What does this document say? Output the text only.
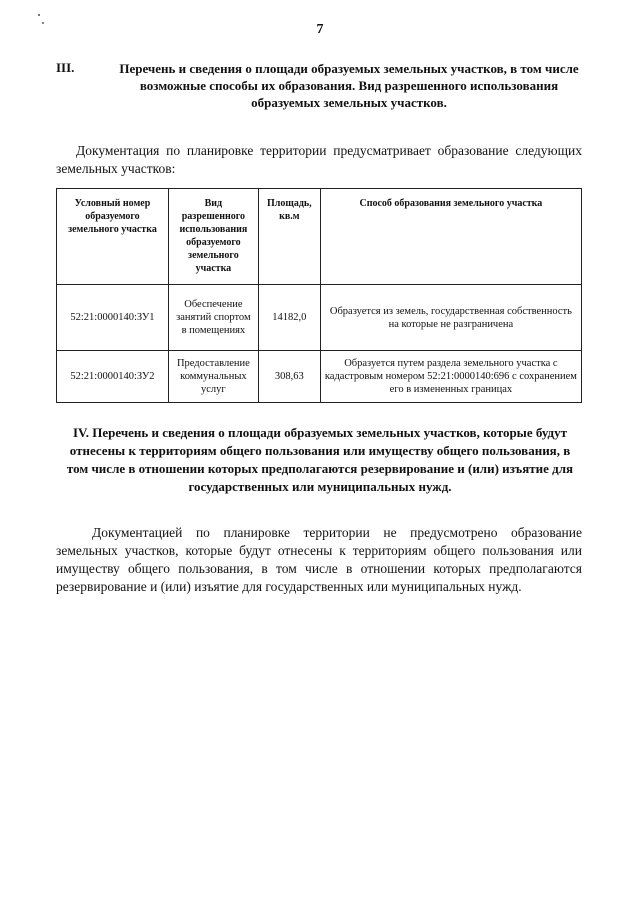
7
III.	Перечень и сведения о площади образуемых земельных участков, в том числе возможные способы их образования. Вид разрешенного использования образуемых земельных участков.

Документация по планировке территории предусматривает образование следующих земельных участков:

Условный номер образуемого земельного участка	Вид разрешенного использования образуемого земельного участка	Площадь, кв.м	Способ образования земельного участка
52:21:0000140:ЗУ1	Обеспечение занятий спортом в помещениях	14182,0	Образуется из земель, государственная собственность на которые не разграничена
52:21:0000140:ЗУ2	Предоставление коммунальных услуг	308,63	Образуется путем раздела земельного участка с кадастровым номером 52:21:0000140:696 с сохранением его в измененных границах
IV. Перечень и сведения о площади образуемых земельных участков, которые будут отнесены к территориям общего пользования или имуществу общего пользования, в том числе в отношении которых предполагаются резервирование и (или) изъятие для государственных или муниципальных нужд.

Документацией по планировке территории не предусмотрено образование земельных участков, которые будут отнесены к территориям общего пользования или имуществу общего пользования, в том числе в отношении которых предполагаются резервирование и (или) изъятие для государственных или муниципальных нужд.
